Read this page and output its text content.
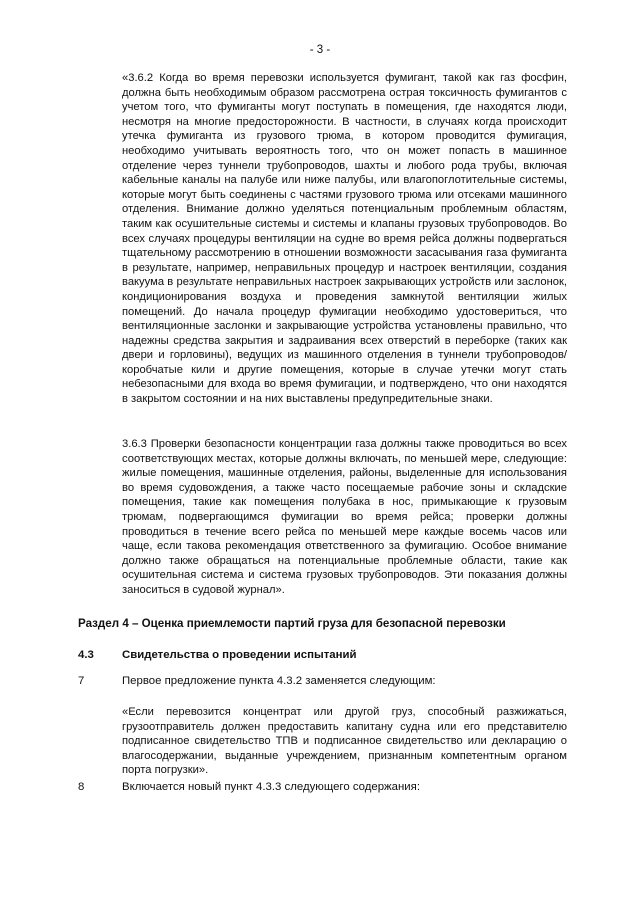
- 3 -

«3.6.2 Когда во время перевозки используется фумигант, такой как газ фосфин, должна быть необходимым образом рассмотрена острая токсичность фумигантов с учетом того, что фумиганты могут поступать в помещения, где находятся люди, несмотря на многие предосторожности. В частности, в случаях когда происходит утечка фумиганта из грузового трюма, в котором проводится фумигация, необходимо учитывать вероятность того, что он может попасть в машинное отделение через туннели трубопроводов, шахты и любого рода трубы, включая кабельные каналы на палубе или ниже палубы, или влагопоглотительные системы, которые могут быть соединены с частями грузового трюма или отсеками машинного отделения. Внимание должно уделяться потенциальным проблемным областям, таким как осушительные системы и системы и клапаны грузовых трубопроводов. Во всех случаях процедуры вентиляции на судне во время рейса должны подвергаться тщательному рассмотрению в отношении возможности засасывания газа фумиганта в результате, например, неправильных процедур и настроек вентиляции, создания вакуума в результате неправильных настроек закрывающих устройств или заслонок, кондиционирования воздуха и проведения замкнутой вентиляции жилых помещений. До начала процедур фумигации необходимо удостовериться, что вентиляционные заслонки и закрывающие устройства установлены правильно, что надежны средства закрытия и задраивания всех отверстий в переборке (таких как двери и горловины), ведущих из машинного отделения в туннели трубопроводов/ коробчатые кили и другие помещения, которые в случае утечки могут стать небезопасными для входа во время фумигации, и подтверждено, что они находятся в закрытом состоянии и на них выставлены предупредительные знаки.

3.6.3 Проверки безопасности концентрации газа должны также проводиться во всех соответствующих местах, которые должны включать, по меньшей мере, следующие: жилые помещения, машинные отделения, районы, выделенные для использования во время судовождения, а также часто посещаемые рабочие зоны и складские помещения, такие как помещения полубака в нос, примыкающие к грузовым трюмам, подвергающимся фумигации во время рейса; проверки должны проводиться в течение всего рейса по меньшей мере каждые восемь часов или чаще, если такова рекомендация ответственного за фумигацию. Особое внимание должно также обращаться на потенциальные проблемные области, такие как осушительная система и система грузовых трубопроводов. Эти показания должны заноситься в судовой журнал».

Раздел 4 – Оценка приемлемости партий груза для безопасной перевозки
4.3 Свидетельства о проведении испытаний
7	Первое предложение пункта 4.3.2 заменяется следующим:

«Если перевозится концентрат или другой груз, способный разжижаться, грузоотправитель должен предоставить капитану судна или его представителю подписанное свидетельство ТПВ и подписанное свидетельство или декларацию о влагосодержании, выданные учреждением, признанным компетентным органом порта погрузки».

8	Включается новый пункт 4.3.3 следующего содержания:
